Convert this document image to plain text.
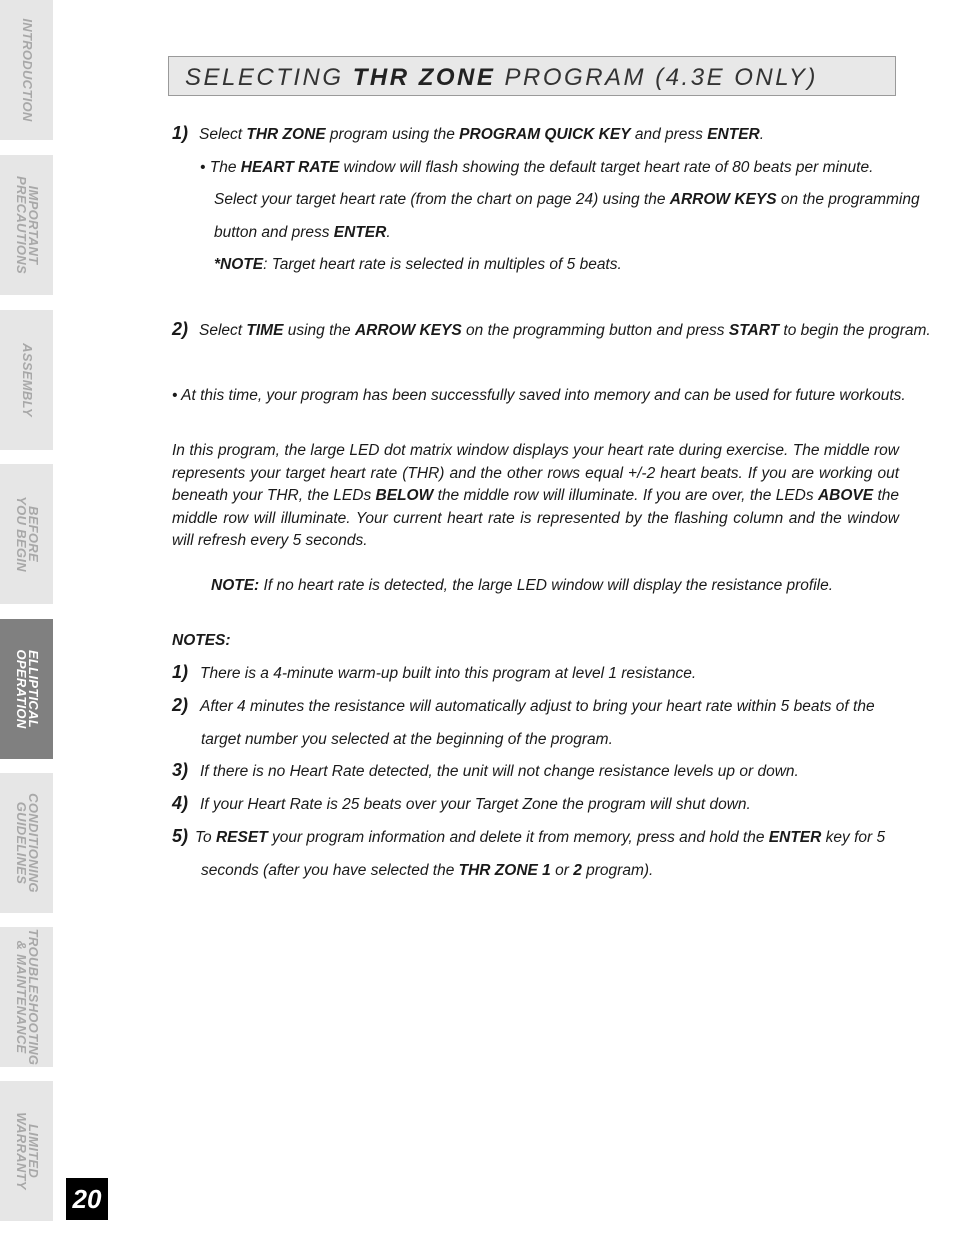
INTRODUCTION
IMPORTANT
PRECAUTIONS
ASSEMBLY
BEFORE
YOU BEGIN
ELLIPTICAL
OPERATION
CONDITIONING
GUIDELINES
TROUBLESHOOTING
& MAINTENANCE
LIMITED
WARRANTY
20
SELECTING THR ZONE PROGRAM (4.3E ONLY)
1) Select THR ZONE program using the PROGRAM QUICK KEY and press ENTER.
• The HEART RATE window will flash showing the default target heart rate of 80 beats per minute.
Select your target heart rate (from the chart on page 24) using the ARROW KEYS on the programming
button and press ENTER.
*NOTE: Target heart rate is selected in multiples of 5 beats.
2) Select TIME using the ARROW KEYS on the programming button and press START to begin the program.
• At this time, your program has been successfully saved into memory and can be used for future workouts.
In this program, the large LED dot matrix window displays your heart rate during exercise. The middle row represents your target heart rate (THR) and the other rows equal +/-2 heart beats. If you are working out beneath your THR, the LEDs BELOW the middle row will illuminate. If you are over, the LEDs ABOVE the middle row will illuminate. Your current heart rate is represented by the flashing column and the window will refresh every 5 seconds.
NOTE: If no heart rate is detected, the large LED window will display the resistance profile.
NOTES:
1) There is a 4-minute warm-up built into this program at level 1 resistance.
2) After 4 minutes the resistance will automatically adjust to bring your heart rate within 5 beats of the
target number you selected at the beginning of the program.
3) If there is no Heart Rate detected, the unit will not change resistance levels up or down.
4) If your Heart Rate is 25 beats over your Target Zone the program will shut down.
5) To RESET your program information and delete it from memory, press and hold the ENTER key for 5
seconds (after you have selected the THR ZONE 1 or 2 program).
